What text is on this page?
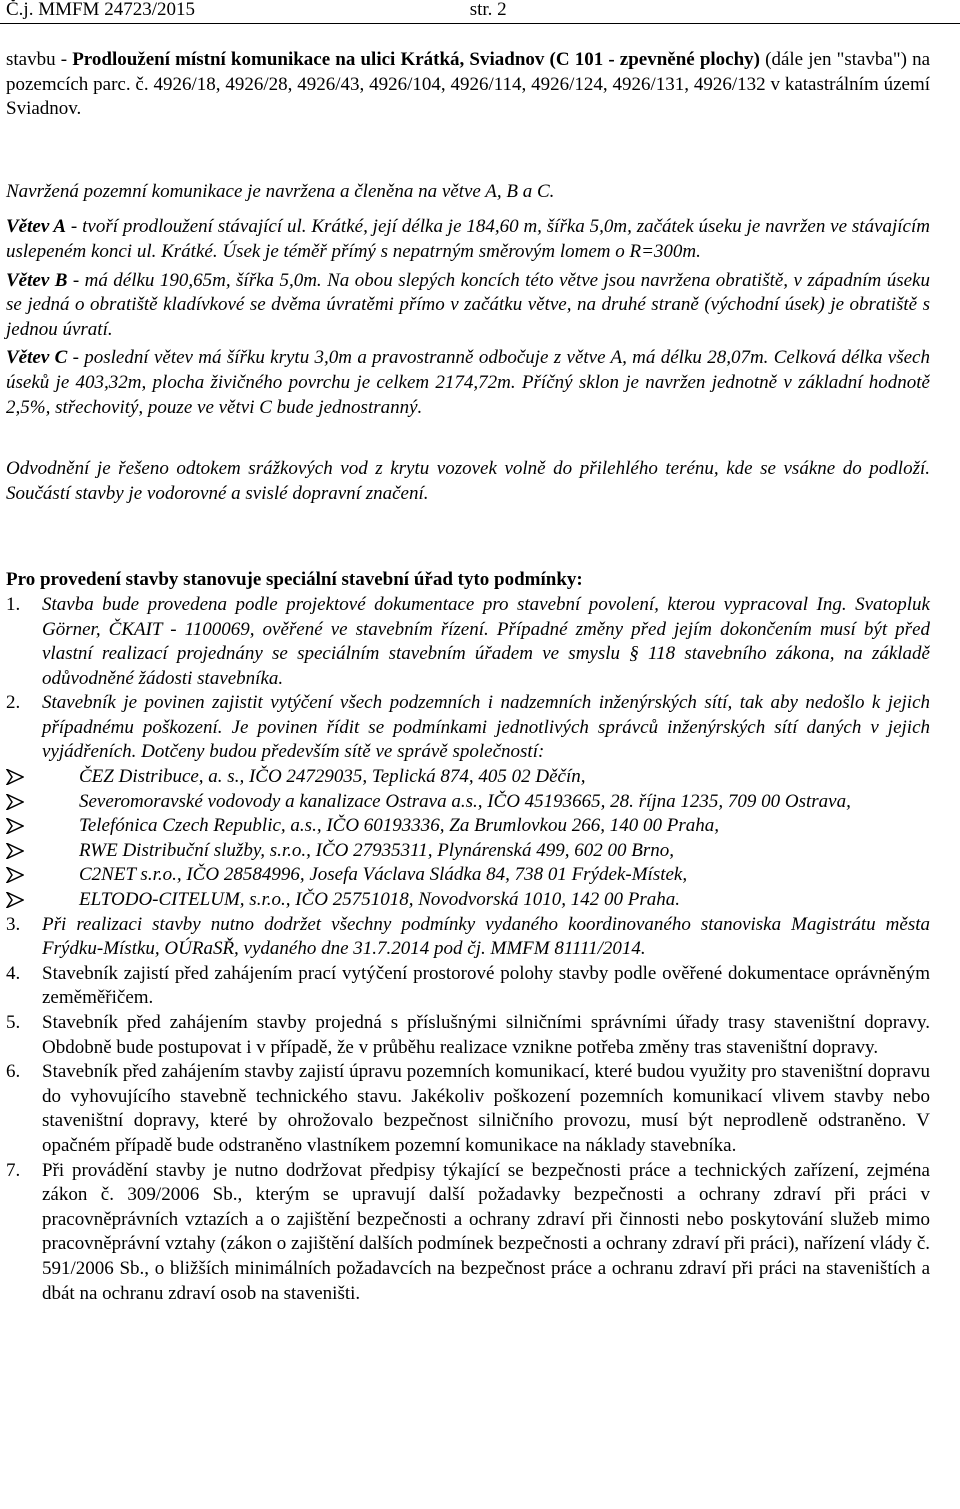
Č.j. MMFM 24723/2015	str. 2

stavbu - Prodloužení místní komunikace na ulici Krátká, Sviadnov (C 101 - zpevněné plochy) (dále jen "stavba") na pozemcích parc. č. 4926/18, 4926/28, 4926/43, 4926/104, 4926/114, 4926/124, 4926/131, 4926/132 v katastrálním území Sviadnov.

Navržená pozemní komunikace je navržena a členěna na větve A, B a C.

Větev A - tvoří prodloužení stávající ul. Krátké, její délka je 184,60 m, šířka 5,0m, začátek úseku je navržen ve stávajícím uslepeném konci ul. Krátké. Úsek je téměř přímý s nepatrným směrovým lomem o R=300m.

Větev B - má délku 190,65m, šířka 5,0m. Na obou slepých koncích této větve jsou navržena obratiště, v západním úseku se jedná o obratiště kladívkové se dvěma úvratěmi přímo v začátku větve, na druhé straně (východní úsek) je obratiště s jednou úvratí.

Větev C - poslední větev má šířku krytu 3,0m a pravostranně odbočuje z větve A, má délku 28,07m. Celková délka všech úseků je 403,32m, plocha živičného povrchu je celkem 2174,72m. Příčný sklon je navržen jednotně v základní hodnotě 2,5%, střechovitý, pouze ve větvi C bude jednostranný.

Odvodnění je řešeno odtokem srážkových vod z krytu vozovek volně do přilehlého terénu, kde se vsákne do podloží. Součástí stavby je vodorovné a svislé dopravní značení.

Pro provedení stavby stanovuje speciální stavební úřad tyto podmínky:

1. Stavba bude provedena podle projektové dokumentace pro stavební povolení, kterou vypracoval Ing. Svatopluk Görner, ČKAIT - 1100069, ověřené ve stavebním řízení. Případné změny před jejím dokončením musí být před vlastní realizací projednány se speciálním stavebním úřadem ve smyslu § 118 stavebního zákona, na základě odůvodněné žádosti stavebníka.
2. Stavebník je povinen zajistit vytýčení všech podzemních i nadzemních inženýrských sítí, tak aby nedošlo k jejich případnému poškození. Je povinen řídit se podmínkami jednotlivých správců inženýrských sítí daných v jejich vyjádřeních. Dotčeny budou především sítě ve správě společností:
ČEZ Distribuce, a. s., IČO 24729035, Teplická 874, 405 02 Děčín,
Severomoravské vodovody a kanalizace Ostrava a.s., IČO 45193665, 28. října 1235, 709 00 Ostrava,
Telefónica Czech Republic, a.s., IČO 60193336, Za Brumlovkou 266, 140 00 Praha,
RWE Distribuční služby, s.r.o., IČO 27935311, Plynárenská 499, 602 00 Brno,
C2NET s.r.o., IČO 28584996, Josefa Václava Sládka 84, 738 01 Frýdek-Místek,
ELTODO-CITELUM, s.r.o., IČO 25751018, Novodvorská 1010, 142 00 Praha.
3. Při realizaci stavby nutno dodržet všechny podmínky vydaného koordinovaného stanoviska Magistrátu města Frýdku-Místku, OÚRaSŘ, vydaného dne 31.7.2014 pod čj. MMFM 81111/2014.
4. Stavebník zajistí před zahájením prací vytýčení prostorové polohy stavby podle ověřené dokumentace oprávněným zeměměřičem.
5. Stavebník před zahájením stavby projedná s příslušnými silničními správními úřady trasy staveništní dopravy. Obdobně bude postupovat i v případě, že v průběhu realizace vznikne potřeba změny tras staveništní dopravy.
6. Stavebník před zahájením stavby zajistí úpravu pozemních komunikací, které budou využity pro staveništní dopravu do vyhovujícího stavebně technického stavu. Jakékoliv poškození pozemních komunikací vlivem stavby nebo staveništní dopravy, které by ohrožovalo bezpečnost silničního provozu, musí být neprodleně odstraněno. V opačném případě bude odstraněno vlastníkem pozemní komunikace na náklady stavebníka.
7. Při provádění stavby je nutno dodržovat předpisy týkající se bezpečnosti práce a technických zařízení, zejména zákon č. 309/2006 Sb., kterým se upravují další požadavky bezpečnosti a ochrany zdraví při práci v pracovněprávních vztazích a o zajištění bezpečnosti a ochrany zdraví při činnosti nebo poskytování služeb mimo pracovněprávní vztahy (zákon o zajištění dalších podmínek bezpečnosti a ochrany zdraví při práci), nařízení vlády č. 591/2006 Sb., o bližších minimálních požadavcích na bezpečnost práce a ochranu zdraví při práci na staveništích a dbát na ochranu zdraví osob na staveništi.
